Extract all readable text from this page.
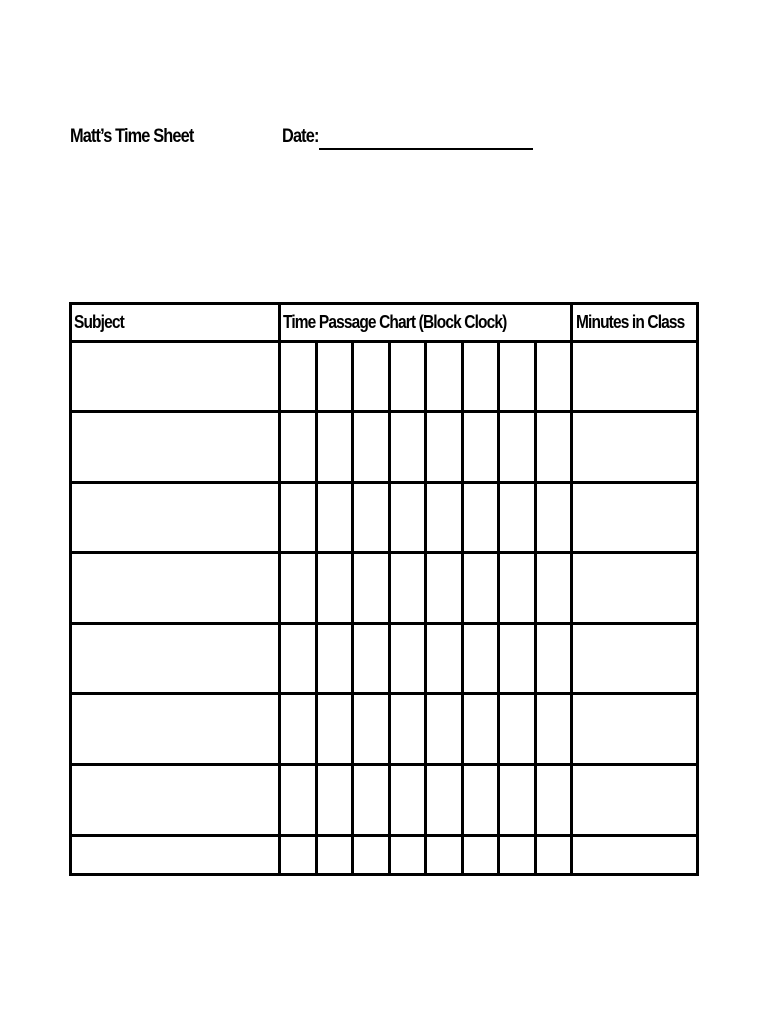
Matt’s Time Sheet	Date:
Subject	Time Passage Chart (Block Clock)	Minutes in Class
